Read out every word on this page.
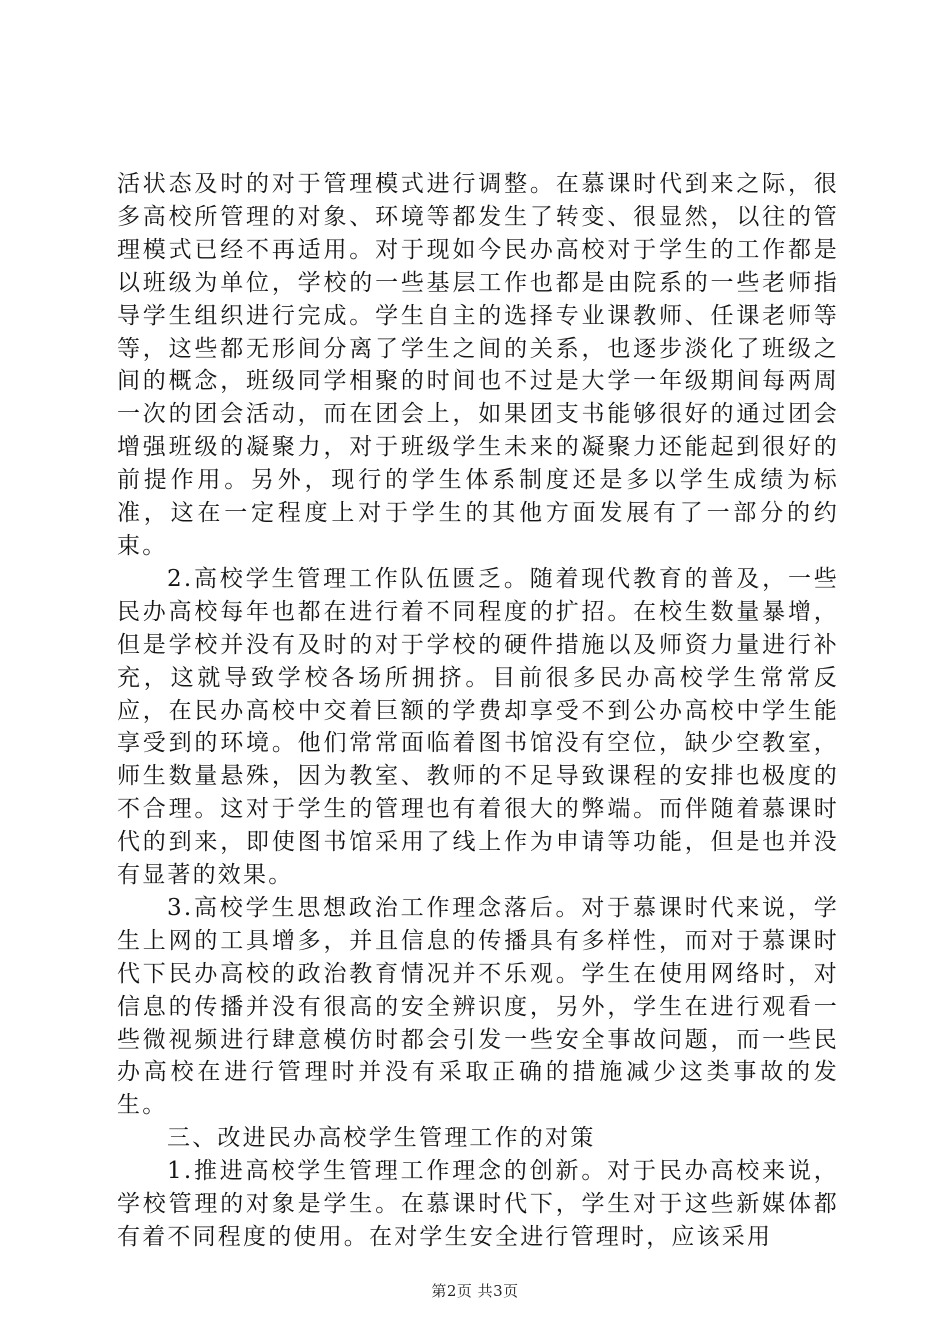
活状态及时的对于管理模式进行调整。在慕课时代到来之际，很多高校所管理的对象、环境等都发生了转变、很显然，以往的管理模式已经不再适用。对于现如今民办高校对于学生的工作都是以班级为单位，学校的一些基层工作也都是由院系的一些老师指导学生组织进行完成。学生自主的选择专业课教师、任课老师等等，这些都无形间分离了学生之间的关系，也逐步淡化了班级之间的概念，班级同学相聚的时间也不过是大学一年级期间每两周一次的团会活动，而在团会上，如果团支书能够很好的通过团会增强班级的凝聚力，对于班级学生未来的凝聚力还能起到很好的前提作用。另外，现行的学生体系制度还是多以学生成绩为标准，这在一定程度上对于学生的其他方面发展有了一部分的约束。

2.高校学生管理工作队伍匮乏。随着现代教育的普及，一些民办高校每年也都在进行着不同程度的扩招。在校生数量暴增，但是学校并没有及时的对于学校的硬件措施以及师资力量进行补充，这就导致学校各场所拥挤。目前很多民办高校学生常常反应，在民办高校中交着巨额的学费却享受不到公办高校中学生能享受到的环境。他们常常面临着图书馆没有空位，缺少空教室，师生数量悬殊，因为教室、教师的不足导致课程的安排也极度的不合理。这对于学生的管理也有着很大的弊端。而伴随着慕课时代的到来，即使图书馆采用了线上作为申请等功能，但是也并没有显著的效果。

3.高校学生思想政治工作理念落后。对于慕课时代来说，学生上网的工具增多，并且信息的传播具有多样性，而对于慕课时代下民办高校的政治教育情况并不乐观。学生在使用网络时，对信息的传播并没有很高的安全辨识度，另外，学生在进行观看一些微视频进行肆意模仿时都会引发一些安全事故问题，而一些民办高校在进行管理时并没有采取正确的措施减少这类事故的发生。

三、改进民办高校学生管理工作的对策

1.推进高校学生管理工作理念的创新。对于民办高校来说，学校管理的对象是学生。在慕课时代下，学生对于这些新媒体都有着不同程度的使用。在对学生安全进行管理时，应该采用

第2页 共3页
